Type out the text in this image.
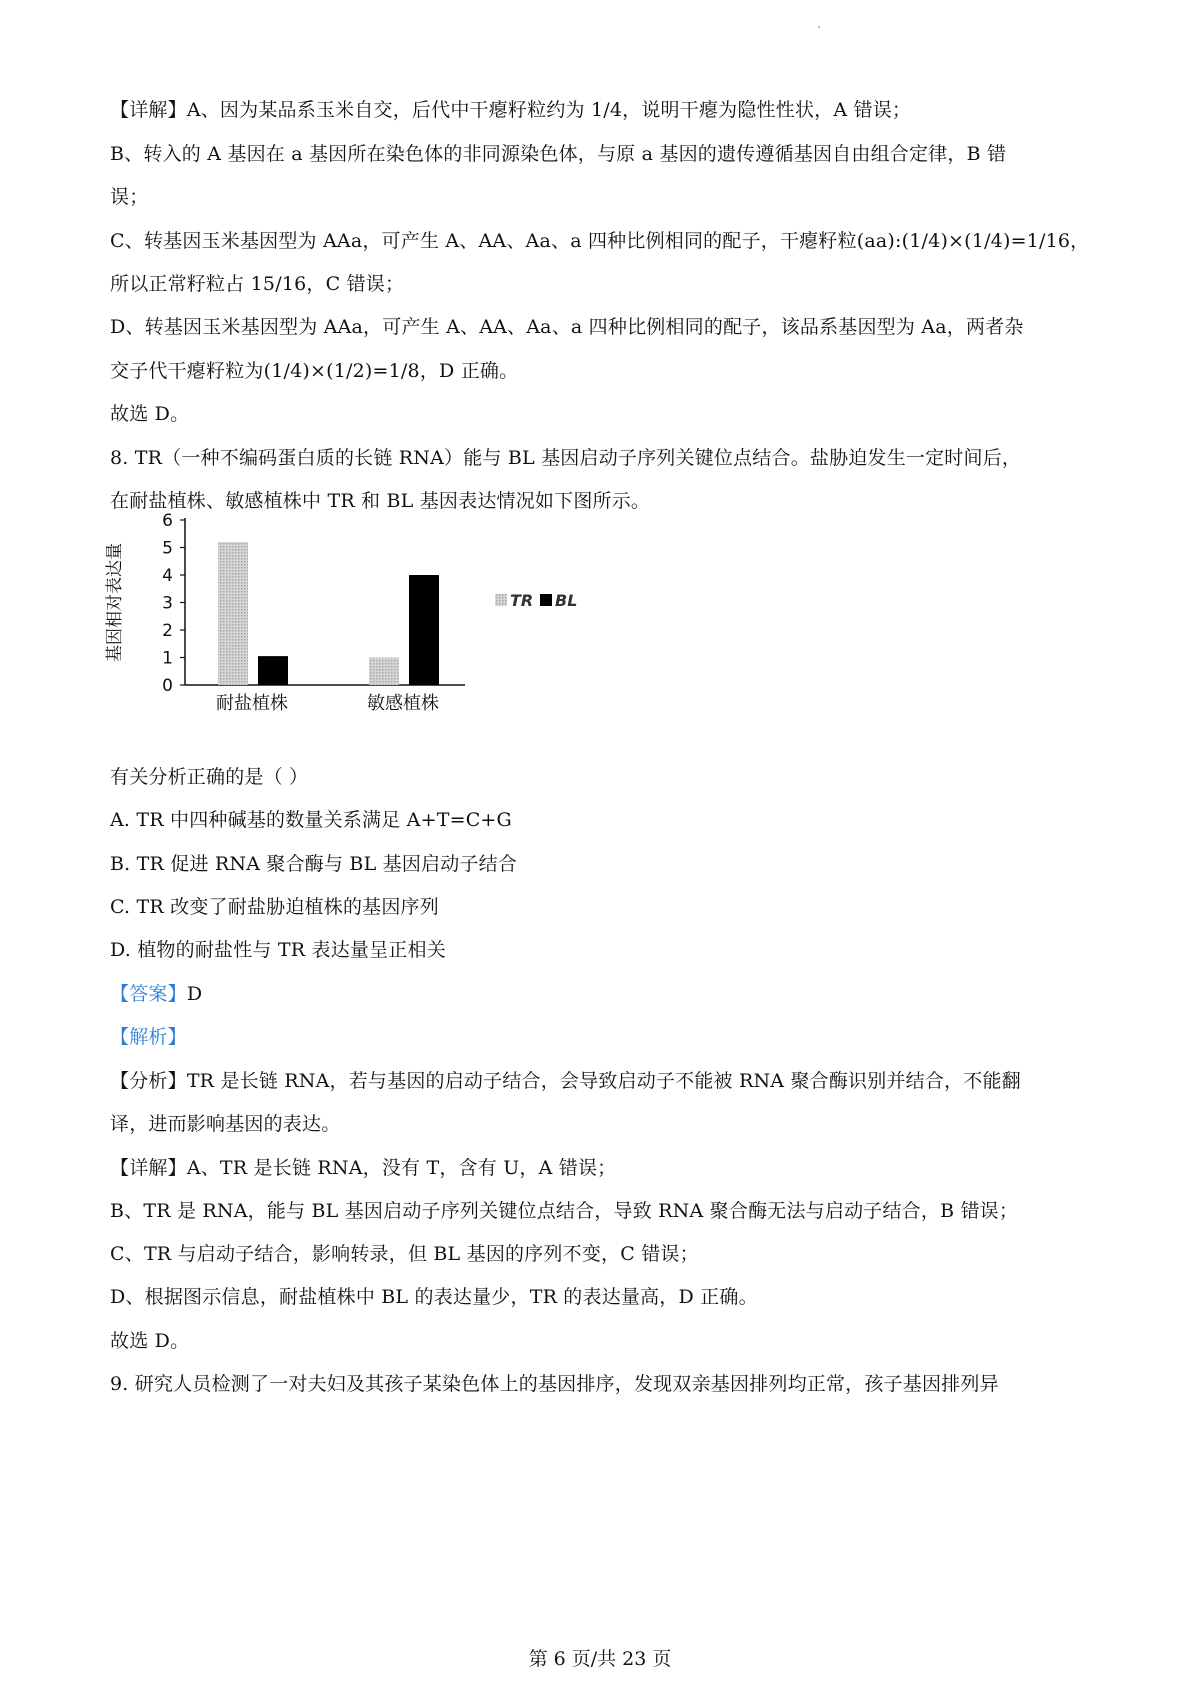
【详解】A、因为某品系玉米自交，后代中干瘪籽粒约为 1/4，说明干瘪为隐性性状，A 错误；
B、转入的 A 基因在 a 基因所在染色体的非同源染色体，与原 a 基因的遗传遵循基因自由组合定律，B 错
误；
C、转基因玉米基因型为 AAa，可产生 A、AA、Aa、a 四种比例相同的配子，干瘪籽粒(aa):(1/4)×(1/4)=1/16，
所以正常籽粒占 15/16，C 错误；
D、转基因玉米基因型为 AAa，可产生 A、AA、Aa、a 四种比例相同的配子，该品系基因型为 Aa，两者杂
交子代干瘪籽粒为(1/4)×(1/2)=1/8，D 正确。
故选 D。
8. TR（一种不编码蛋白质的长链 RNA）能与 BL 基因启动子序列关键位点结合。盐胁迫发生一定时间后，
在耐盐植株、敏感植株中 TR 和 BL 基因表达情况如下图所示。
0
1
2
3
4
5
6
基因相对表达量
耐盐植株	敏感植株
TR BL
有关分析正确的是（ ）
A. TR 中四种碱基的数量关系满足 A+T=C+G
B. TR 促进 RNA 聚合酶与 BL 基因启动子结合
C. TR 改变了耐盐胁迫植株的基因序列
D. 植物的耐盐性与 TR 表达量呈正相关
【答案】D
【解析】
【分析】TR 是长链 RNA，若与基因的启动子结合，会导致启动子不能被 RNA 聚合酶识别并结合，不能翻
译，进而影响基因的表达。
【详解】A、TR 是长链 RNA，没有 T，含有 U，A 错误；
B、TR 是 RNA，能与 BL 基因启动子序列关键位点结合，导致 RNA 聚合酶无法与启动子结合，B 错误；
C、TR 与启动子结合，影响转录，但 BL 基因的序列不变，C 错误；
D、根据图示信息，耐盐植株中 BL 的表达量少，TR 的表达量高，D 正确。
故选 D。
9. 研究人员检测了一对夫妇及其孩子某染色体上的基因排序，发现双亲基因排列均正常，孩子基因排列异
第 6 页/共 23 页
